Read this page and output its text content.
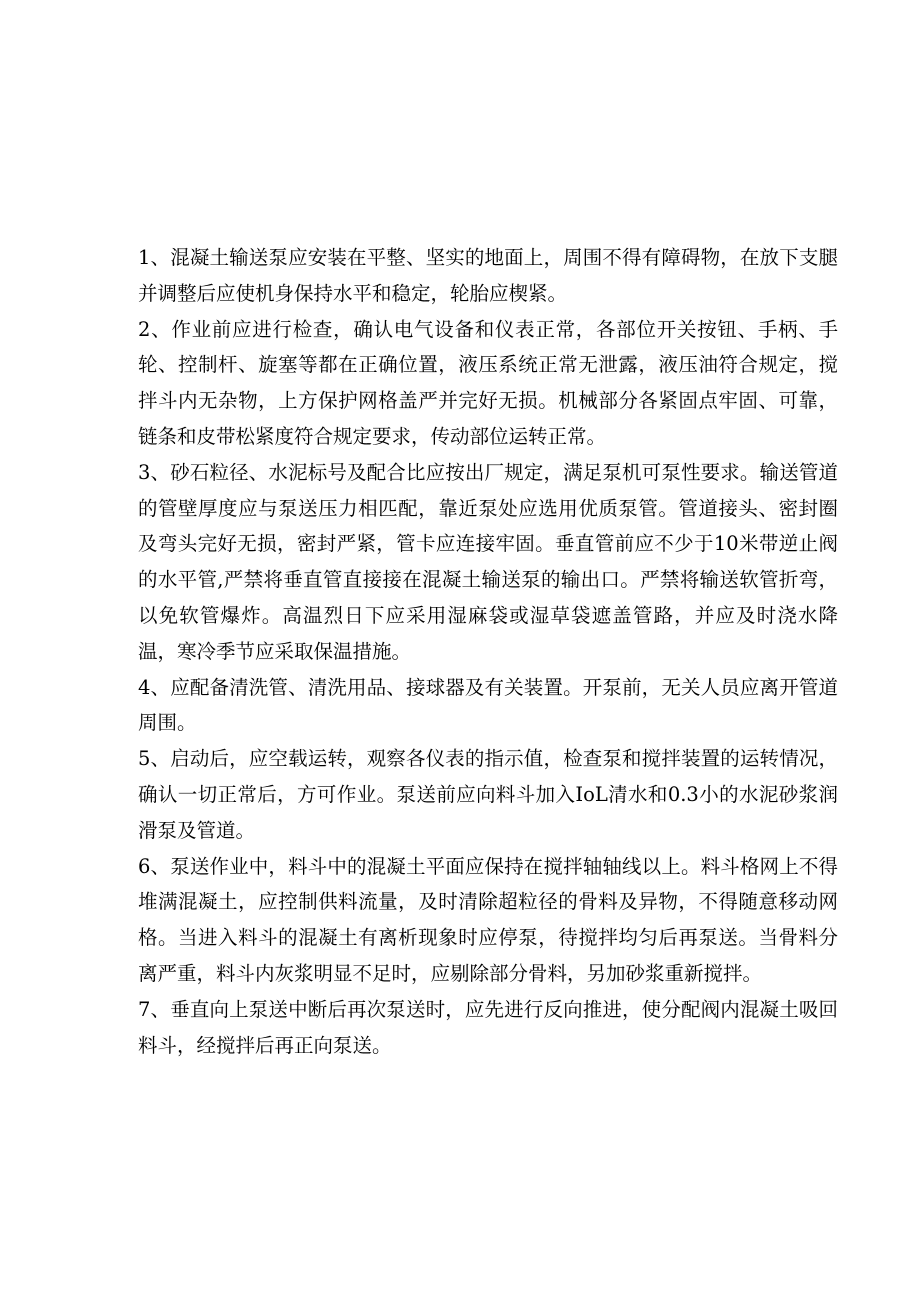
1、混凝土输送泵应安装在平整、坚实的地面上，周围不得有障碍物，在放下支腿并调整后应使机身保持水平和稳定，轮胎应楔紧。

2、作业前应进行检查，确认电气设备和仪表正常，各部位开关按钮、手柄、手轮、控制杆、旋塞等都在正确位置，液压系统正常无泄露，液压油符合规定，搅拌斗内无杂物，上方保护网格盖严并完好无损。机械部分各紧固点牢固、可靠，链条和皮带松紧度符合规定要求，传动部位运转正常。

3、砂石粒径、水泥标号及配合比应按出厂规定，满足泵机可泵性要求。输送管道的管壁厚度应与泵送压力相匹配，靠近泵处应选用优质泵管。管道接头、密封圈及弯头完好无损，密封严紧，管卡应连接牢固。垂直管前应不少于10米带逆止阀的水平管,严禁将垂直管直接接在混凝土输送泵的输出口。严禁将输送软管折弯，以免软管爆炸。高温烈日下应采用湿麻袋或湿草袋遮盖管路，并应及时浇水降温，寒冷季节应采取保温措施。

4、应配备清洗管、清洗用品、接球器及有关装置。开泵前，无关人员应离开管道周围。

5、启动后，应空载运转，观察各仪表的指示值，检查泵和搅拌装置的运转情况，确认一切正常后，方可作业。泵送前应向料斗加入IoL清水和0.3小的水泥砂浆润滑泵及管道。

6、泵送作业中，料斗中的混凝土平面应保持在搅拌轴轴线以上。料斗格网上不得堆满混凝土，应控制供料流量，及时清除超粒径的骨料及异物，不得随意移动网格。当进入料斗的混凝土有离析现象时应停泵，待搅拌均匀后再泵送。当骨料分离严重，料斗内灰浆明显不足时，应剔除部分骨料，另加砂浆重新搅拌。

7、垂直向上泵送中断后再次泵送时，应先进行反向推进，使分配阀内混凝土吸回料斗，经搅拌后再正向泵送。
